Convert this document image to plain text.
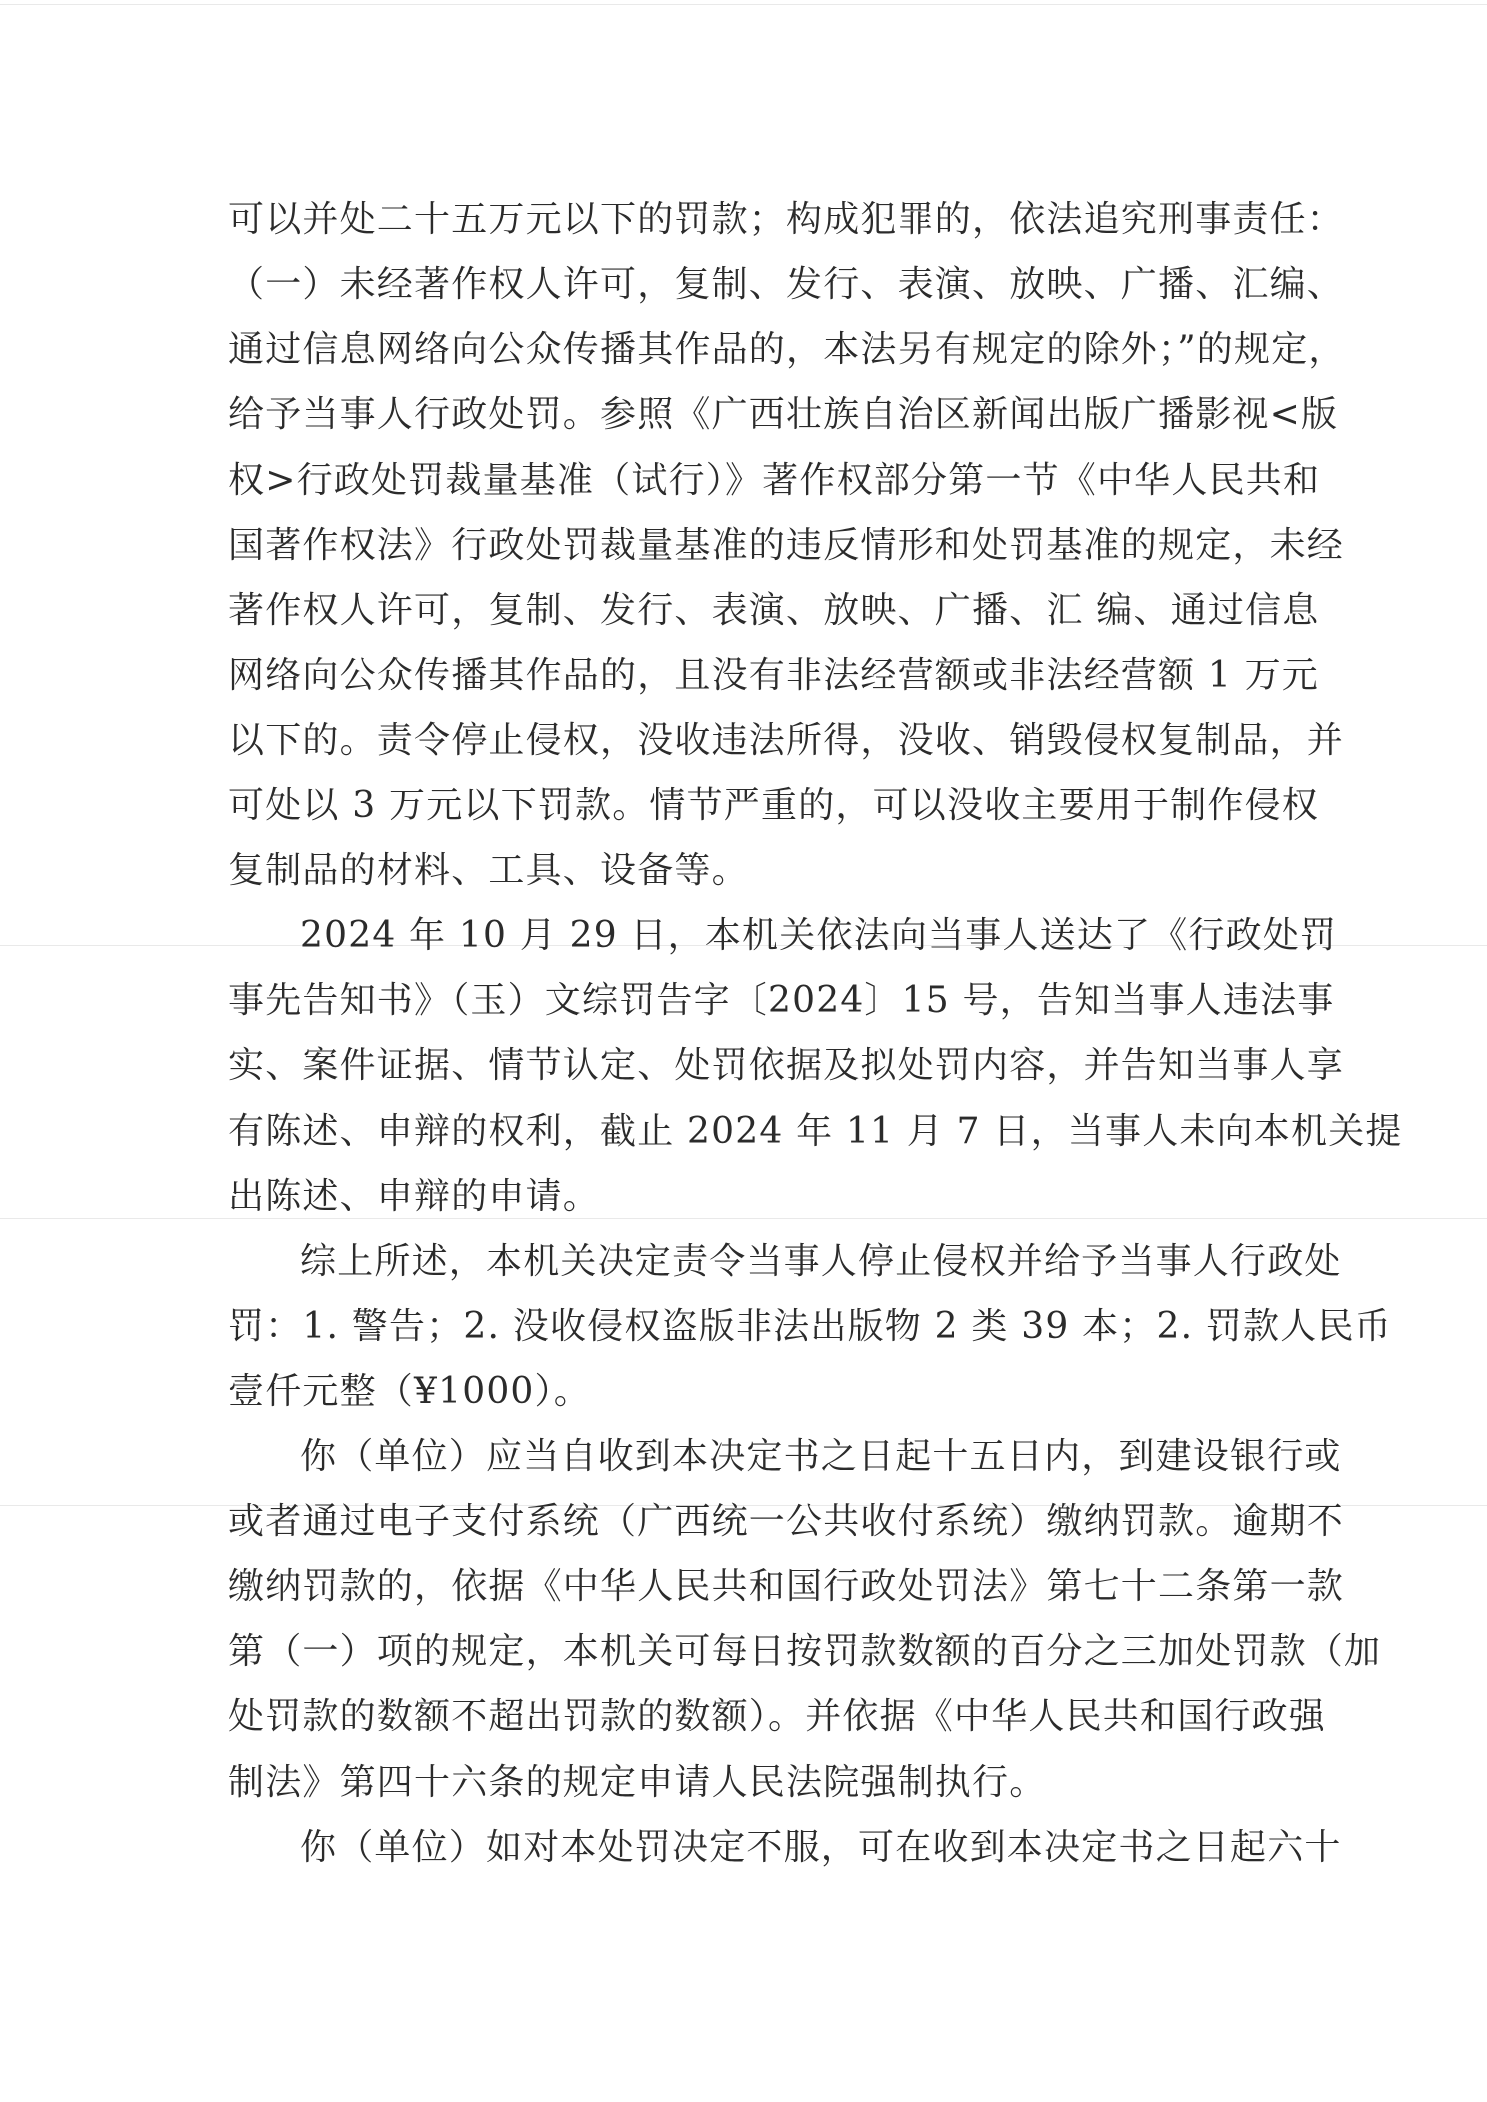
可以并处二十五万元以下的罚款；构成犯罪的，依法追究刑事责任：
（一）未经著作权人许可，复制、发行、表演、放映、广播、汇编、
通过信息网络向公众传播其作品的，本法另有规定的除外；”的规定，
给予当事人行政处罚。参照《广西壮族自治区新闻出版广播影视<版
权>行政处罚裁量基准（试行）》著作权部分第一节《中华人民共和
国著作权法》行政处罚裁量基准的违反情形和处罚基准的规定，未经
著作权人许可，复制、发行、表演、放映、广播、汇 编、通过信息
网络向公众传播其作品的，且没有非法经营额或非法经营额 1 万元
以下的。责令停止侵权，没收违法所得，没收、销毁侵权复制品，并
可处以 3 万元以下罚款。情节严重的，可以没收主要用于制作侵权
复制品的材料、工具、设备等。
2024 年 10 月 29 日，本机关依法向当事人送达了《行政处罚
事先告知书》（玉）文综罚告字〔2024〕15 号，告知当事人违法事
实、案件证据、情节认定、处罚依据及拟处罚内容，并告知当事人享
有陈述、申辩的权利，截止 2024 年 11 月 7 日，当事人未向本机关提
出陈述、申辩的申请。
综上所述，本机关决定责令当事人停止侵权并给予当事人行政处
罚：1. 警告；2. 没收侵权盗版非法出版物 2 类 39 本；2. 罚款人民币
壹仟元整（¥1000）。
你（单位）应当自收到本决定书之日起十五日内，到建设银行或
或者通过电子支付系统（广西统一公共收付系统）缴纳罚款。逾期不
缴纳罚款的，依据《中华人民共和国行政处罚法》第七十二条第一款
第（一）项的规定，本机关可每日按罚款数额的百分之三加处罚款（加
处罚款的数额不超出罚款的数额）。并依据《中华人民共和国行政强
制法》第四十六条的规定申请人民法院强制执行。
你（单位）如对本处罚决定不服，可在收到本决定书之日起六十
